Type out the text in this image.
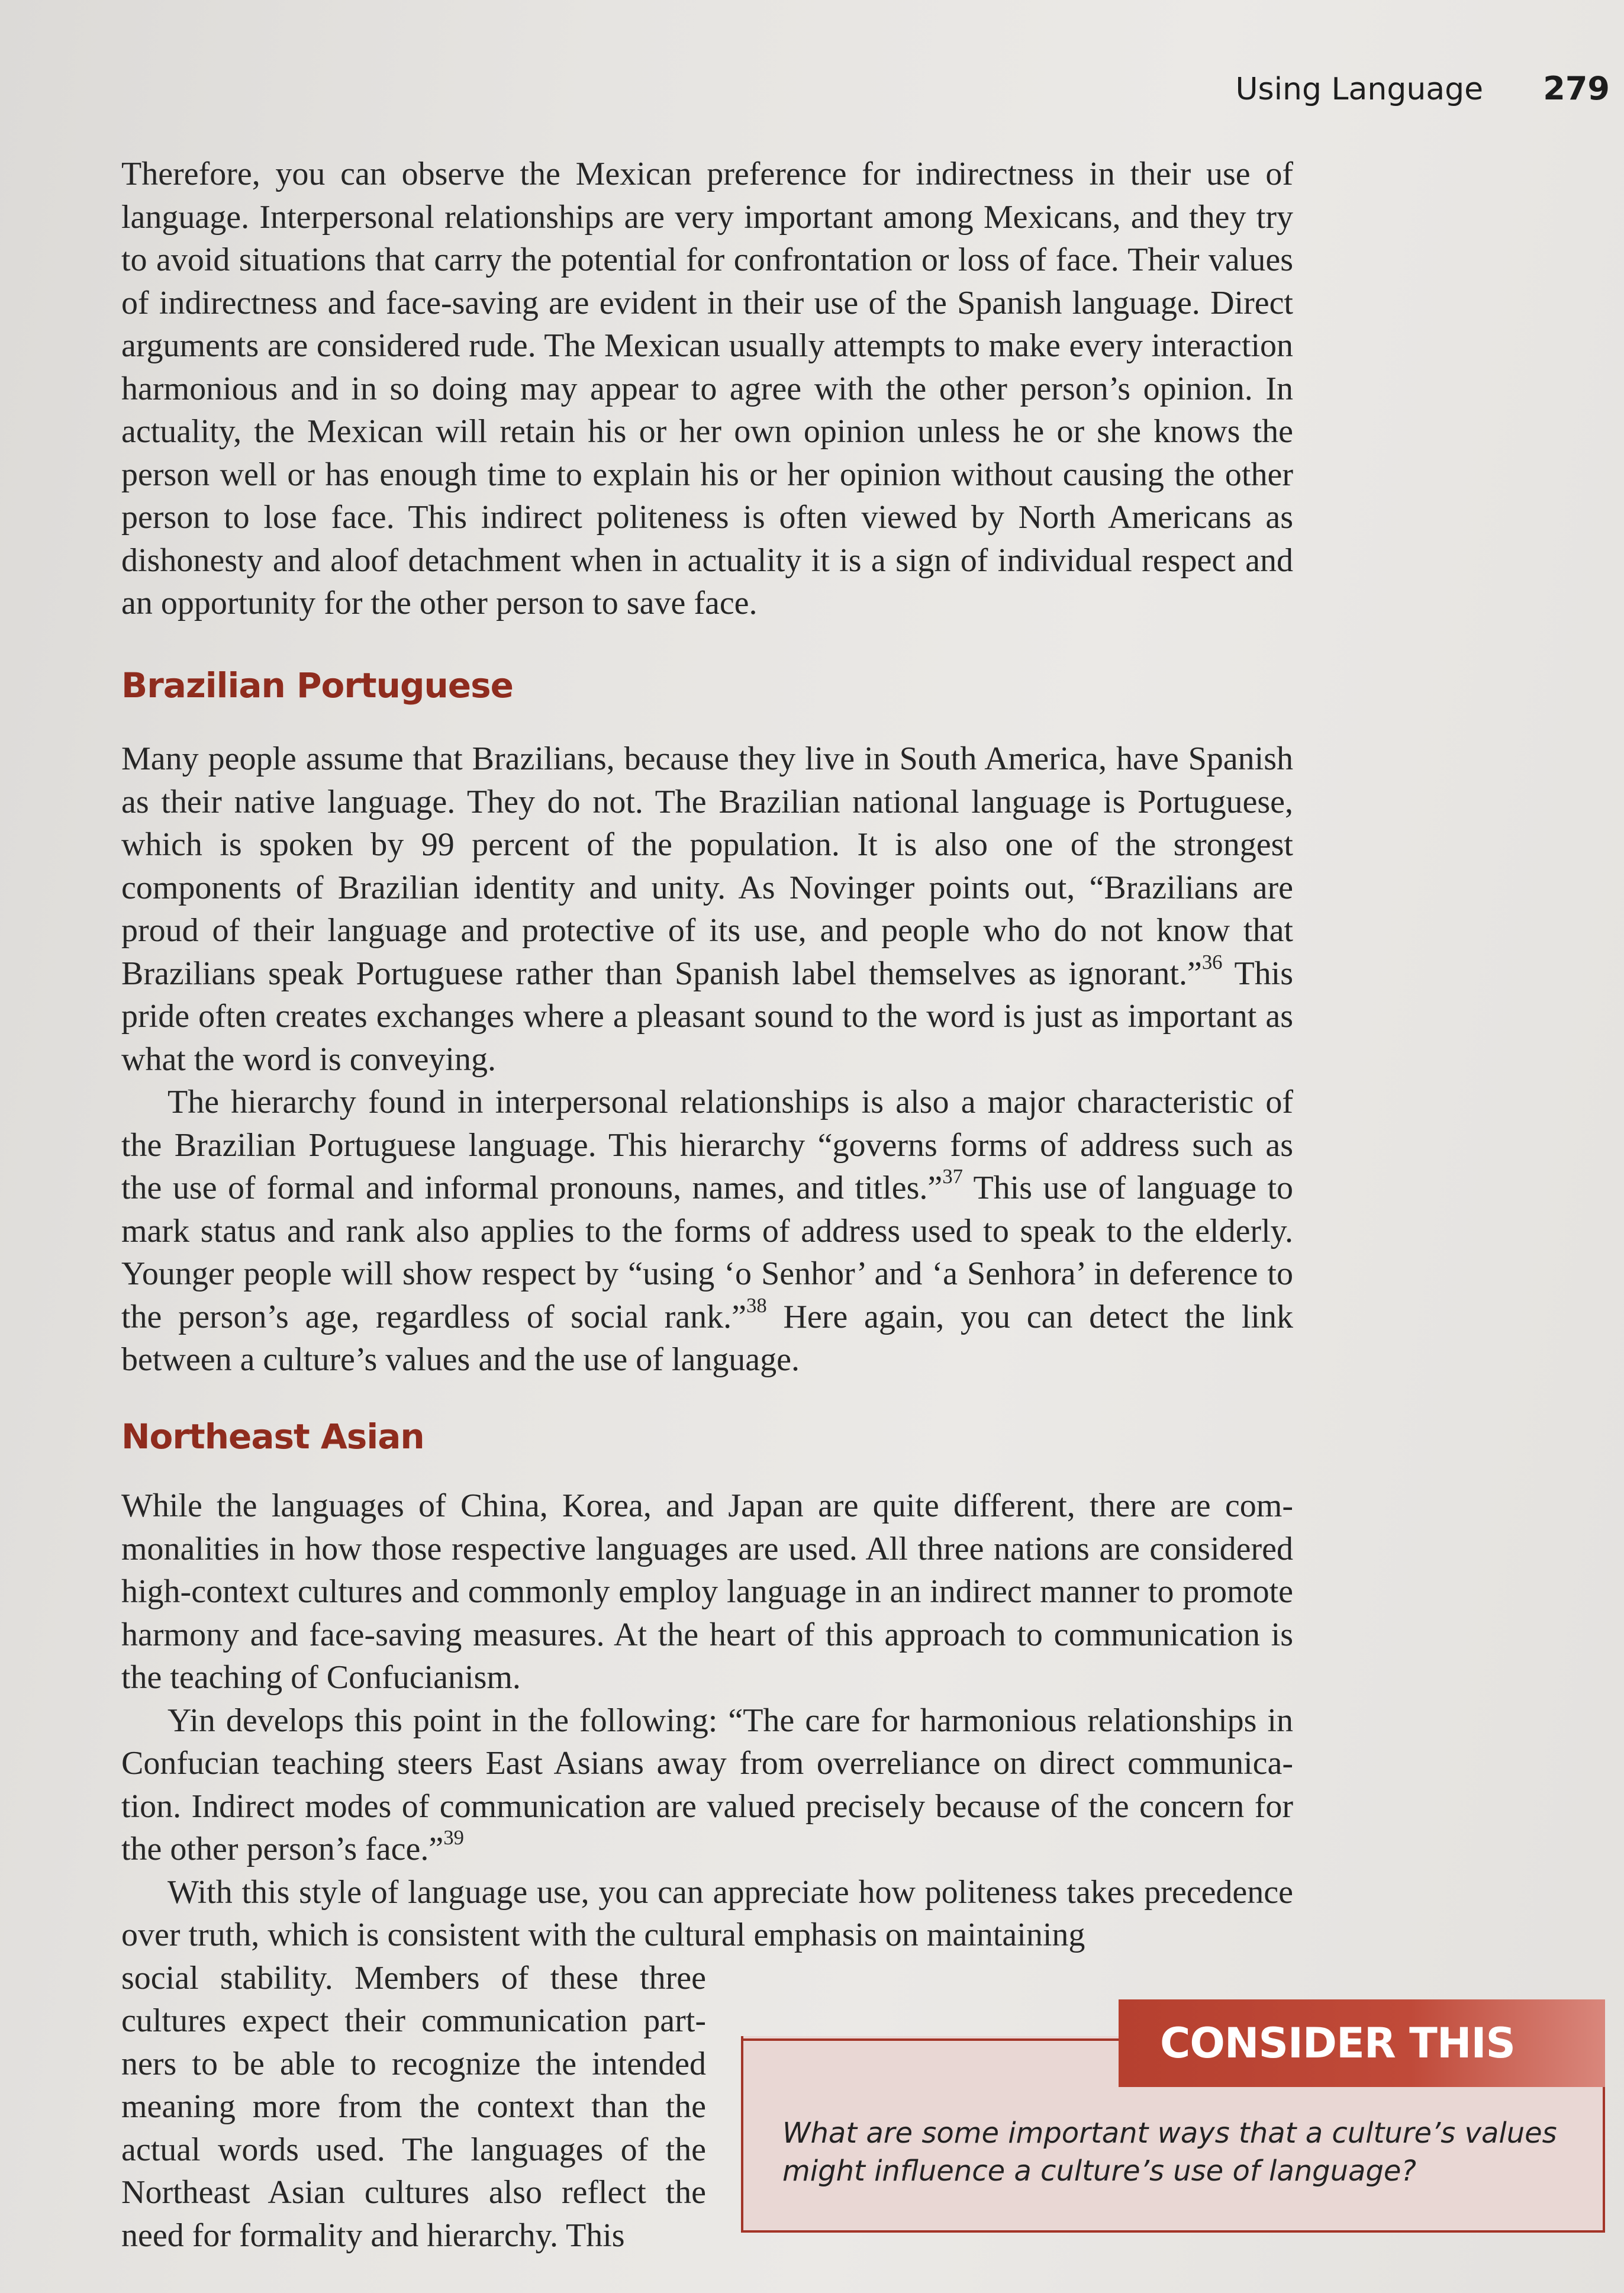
Using Language 279

Therefore, you can observe the Mexican preference for indirectness in their use of language. Interpersonal relationships are very important among Mexicans, and they try to avoid situations that carry the potential for confrontation or loss of face. Their values of indirectness and face-saving are evident in their use of the Spanish language. Direct arguments are considered rude. The Mexican usually attempts to make every interaction harmonious and in so doing may appear to agree with the other person’s opinion. In actuality, the Mexican will retain his or her own opinion unless he or she knows the person well or has enough time to explain his or her opinion without causing the other person to lose face. This indirect politeness is often viewed by North Americans as dishonesty and aloof detachment when in actuality it is a sign of individual respect and an opportunity for the other person to save face.

Brazilian Portuguese

Many people assume that Brazilians, because they live in South America, have Spanish as their native language. They do not. The Brazilian national language is Portuguese, which is spoken by 99 percent of the population. It is also one of the strongest components of Brazilian identity and unity. As Novinger points out, “Brazilians are proud of their language and protective of its use, and people who do not know that Brazilians speak Portuguese rather than Spanish label themselves as ignorant.”$^{36}$ This pride often creates exchanges where a pleasant sound to the word is just as important as what the word is conveying.

The hierarchy found in interpersonal relationships is also a major characteristic of the Brazilian Portuguese language. This hierarchy “governs forms of address such as the use of formal and informal pronouns, names, and titles.”$^{37}$ This use of language to mark status and rank also applies to the forms of address used to speak to the elderly. Younger people will show respect by “using ‘o Senhor’ and ‘a Senhora’ in deference to the person’s age, regardless of social rank.”$^{38}$ Here again, you can detect the link between a culture’s values and the use of language.

Northeast Asian

While the languages of China, Korea, and Japan are quite different, there are commonalities in how those respective languages are used. All three nations are considered high-context cultures and commonly employ language in an indirect manner to promote harmony and face-saving measures. At the heart of this approach to communication is the teaching of Confucianism.

Yin develops this point in the following: “The care for harmonious relationships in Confucian teaching steers East Asians away from overreliance on direct communication. Indirect modes of communication are valued precisely because of the concern for the other person’s face.”$^{39}$

With this style of language use, you can appreciate how politeness takes precedence over truth, which is consistent with the cultural emphasis on maintaining

social stability. Members of these three cultures expect their communication partners to be able to recognize the intended meaning more from the context than the actual words used. The languages of the Northeast Asian cultures also reflect the need for formality and hierarchy. This

CONSIDER THIS
What are some important ways that a culture’s values might influence a culture’s use of language?
